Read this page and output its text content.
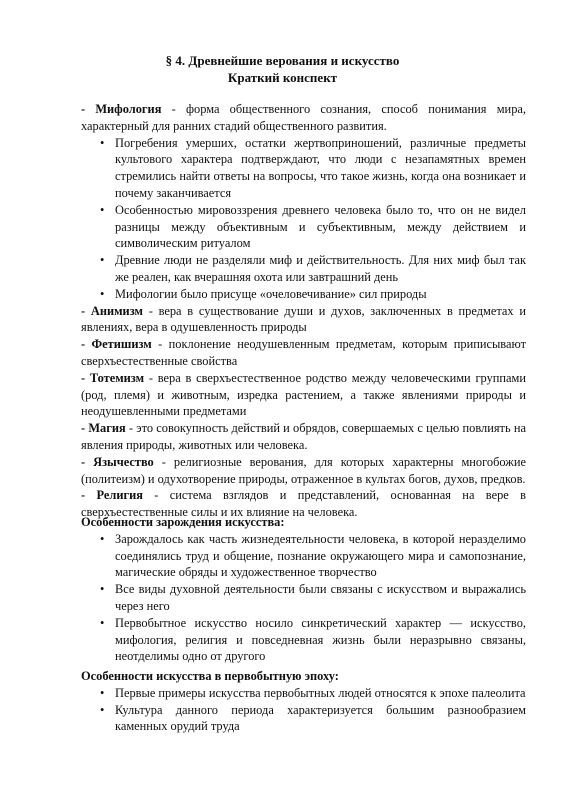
§ 4. Древнейшие верования и искусство

Краткий конспект

- Мифология - форма общественного сознания, способ понимания мира, характерный для ранних стадий общественного развития.

• Погребения умерших, остатки жертвоприношений, различные предметы культового характера подтверждают, что люди с незапамятных времен стремились найти ответы на вопросы, что такое жизнь, когда она возникает и почему заканчивается
• Особенностью мировоззрения древнего человека было то, что он не видел разницы между объективным и субъективным, между действием и символическим ритуалом
• Древние люди не разделяли миф и действительность. Для них миф был так же реален, как вчерашняя охота или завтрашний день
• Мифологии было присуще «очеловечивание» сил природы

- Анимизм - вера в существование души и духов, заключенных в предметах и явлениях, вера в одушевленность природы

- Фетишизм - поклонение неодушевленным предметам, которым приписывают сверхъестественные свойства

- Тотемизм - вера в сверхъестественное родство между человеческими группами (род, племя) и животным, изредка растением, а также явлениями природы и неодушевленными предметами

- Магия - это совокупность действий и обрядов, совершаемых с целью повлиять на явления природы, животных или человека.

- Язычество - религиозные верования, для которых характерны многобожие (политеизм) и одухотворение природы, отраженное в культах богов, духов, предков.

- Религия - система взглядов и представлений, основанная на вере в сверхъестественные силы и их влияние на человека.

Особенности зарождения искусства:

• Зарождалось как часть жизнедеятельности человека, в которой неразделимо соединялись труд и общение, познание окружающего мира и самопознание, магические обряды и художественное творчество
• Все виды духовной деятельности были связаны с искусством и выражались через него
• Первобытное искусство носило синкретический характер — искусство, мифология, религия и повседневная жизнь были неразрывно связаны, неотделимы одно от другого

Особенности искусства в первобытную эпоху:

• Первые примеры искусства первобытных людей относятся к эпохе палеолита
• Культура данного периода характеризуется большим разнообразием каменных орудий труда
